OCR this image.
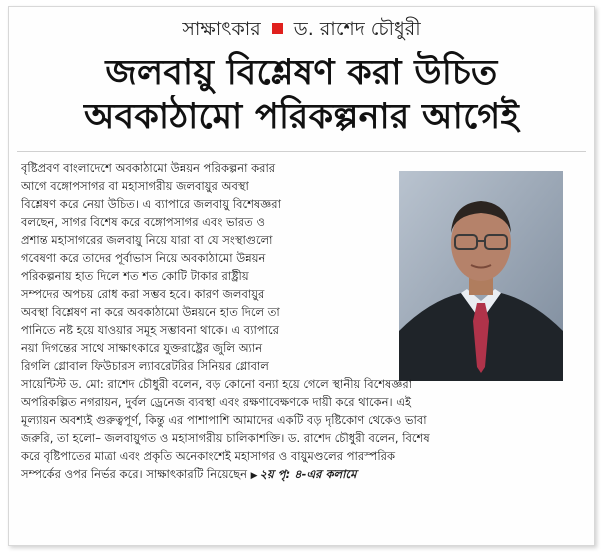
সাক্ষাৎকার ড. রাশেদ চৌধুরী
জলবায়ু বিশ্লেষণ করা উচিত
অবকাঠামো পরিকল্পনার আগেই
বৃষ্টিপ্রবণ বাংলাদেশে অবকাঠামো উন্নয়ন পরিকল্পনা করার
আগে বঙ্গোপসাগর বা মহাসাগরীয় জলবায়ুর অবস্থা
বিশ্লেষণ করে নেয়া উচিত। এ ব্যাপারে জলবায়ু বিশেষজ্ঞরা
বলছেন, সাগর বিশেষ করে বঙ্গোপসাগর এবং ভারত ও
প্রশান্ত মহাসাগরের জলবায়ু নিয়ে যারা বা যে সংস্থাগুলো
গবেষণা করে তাদের পূর্বাভাস নিয়ে অবকাঠামো উন্নয়ন
পরিকল্পনায় হাত দিলে শত শত কোটি টাকার রাষ্ট্রীয়
সম্পদের অপচয় রোধ করা সম্ভব হবে। কারণ জলবায়ুর
অবস্থা বিশ্লেষণ না করে অবকাঠামো উন্নয়নে হাত দিলে তা
পানিতে নষ্ট হয়ে যাওয়ার সমূহ সম্ভাবনা থাকে। এ ব্যাপারে
নয়া দিগন্তের সাথে সাক্ষাৎকারে যুক্তরাষ্ট্রের জুলি অ্যান
রিগলি গ্লোবাল ফিউচারস ল্যাবরেটরির সিনিয়র গ্লোবাল
সায়েন্টিস্ট ড. মো: রাশেদ চৌধুরী বলেন, বড় কোনো বন্যা হয়ে গেলে স্থানীয় বিশেষজ্ঞরা
অপরিকল্পিত নগরায়ন, দুর্বল ড্রেনেজ ব্যবস্থা এবং রক্ষণাবেক্ষণকে দায়ী করে থাকেন। এই
মূল্যায়ন অবশ্যই গুরুত্বপূর্ণ, কিন্তু এর পাশাপাশি আমাদের একটি বড় দৃষ্টিকোণ থেকেও ভাবা
জরুরি, তা হলো– জলবায়ুগত ও মহাসাগরীয় চালিকাশক্তি। ড. রাশেদ চৌধুরী বলেন, বিশেষ
করে বৃষ্টিপাতের মাত্রা এবং প্রকৃতি অনেকাংশেই মহাসাগর ও বায়ুমণ্ডলের পারস্পরিক
সম্পর্কের ওপর নির্ভর করে। সাক্ষাৎকারটি নিয়েছেন ▶ ২য় পৃ: ৪-এর কলামে
